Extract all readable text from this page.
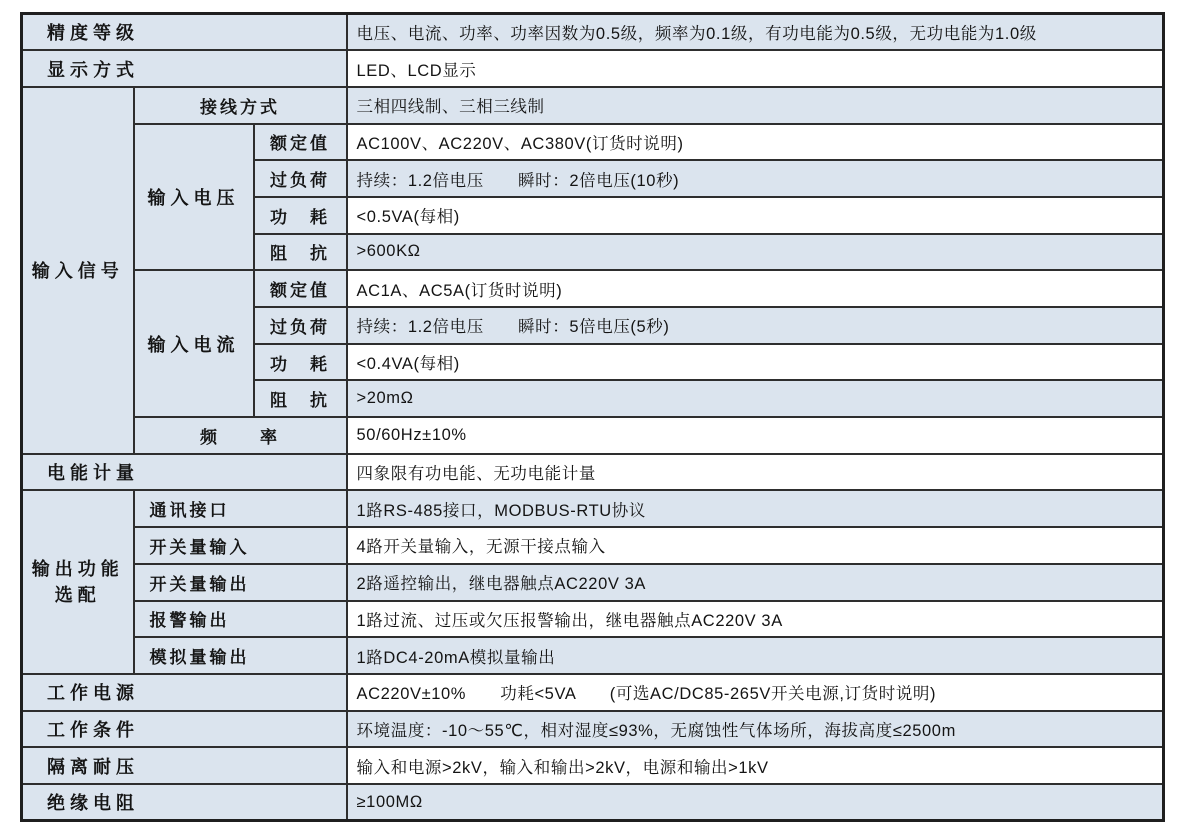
精度等级			电压、电流、功率、功率因数为0.5级，频率为0.1级，有功电能为0.5级，无功电能为1.0级
显示方式			LED、LCD显示
输入信号	接线方式		三相四线制、三相三线制
	输入电压	额定值	AC100V、AC220V、AC380V(订货时说明)
		过负荷	持续：1.2倍电压　　瞬时：2倍电压(10秒)
		功　耗	<0.5VA(每相)
		阻　抗	>600KΩ
	输入电流	额定值	AC1A、AC5A(订货时说明)
		过负荷	持续：1.2倍电压　　瞬时：5倍电压(5秒)
		功　耗	<0.4VA(每相)
		阻　抗	>20mΩ
	频　　率		50/60Hz±10%
电能计量			四象限有功电能、无功电能计量

输出功能
选配	通讯接口		1路RS-485接口，MODBUS-RTU协议
	开关量输入		4路开关量输入，无源干接点输入
	开关量输出		2路遥控输出，继电器触点AC220V 3A
	报警输出		1路过流、过压或欠压报警输出，继电器触点AC220V 3A
	模拟量输出		1路DC4-20mA模拟量输出
工作电源			AC220V±10%　　功耗<5VA　　(可选AC/DC85-265V开关电源,订货时说明)
工作条件			环境温度：-10～55℃，相对湿度≤93%，无腐蚀性气体场所，海拔高度≤2500m
隔离耐压			输入和电源>2kV，输入和输出>2kV，电源和输出>1kV
绝缘电阻			≥100MΩ
